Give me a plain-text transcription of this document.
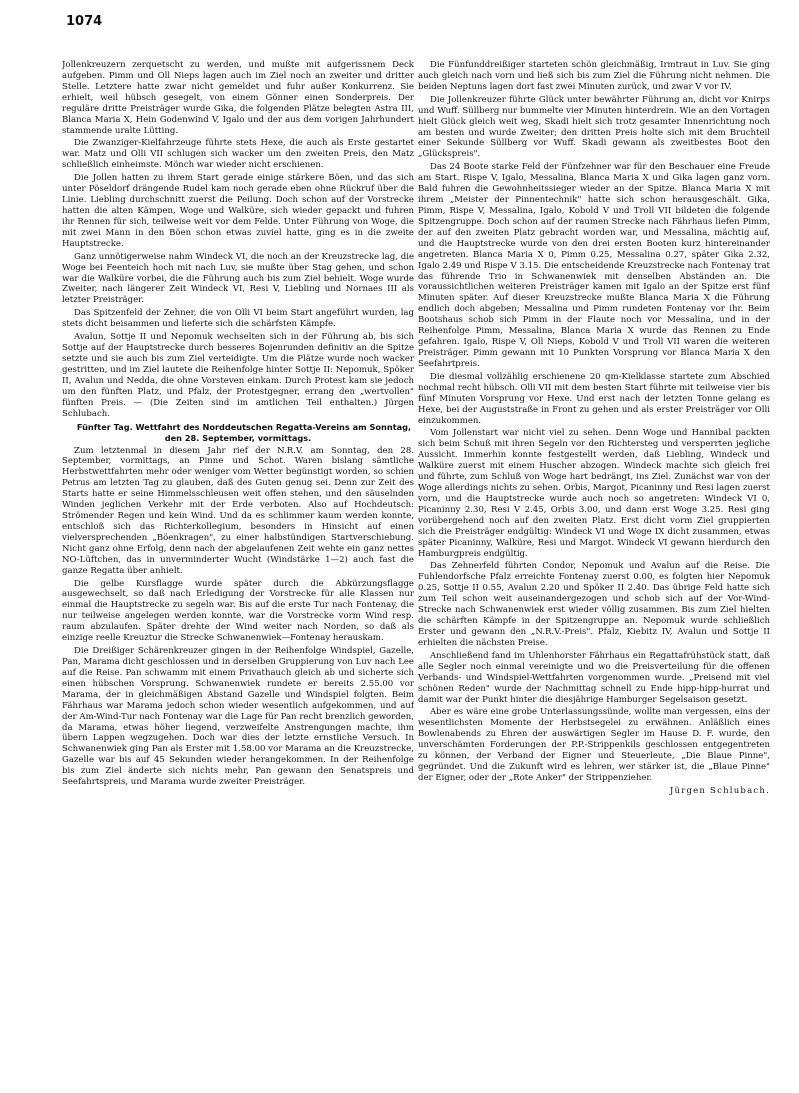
1074

Jollenkreuzern zerquetscht zu werden, und mußte mit aufgerissnem Deck aufgeben. Pimm und Oll Nieps lagen auch im Ziel noch an zweiter und dritter Stelle. Letztere hatte zwar nicht gemeldet und fuhr außer Konkurrenz. Sie erhielt, weil hübsch gesegelt, von einem Gönner einen Sonderpreis. Der reguläre dritte Preisträger wurde Gika, die folgenden Plätze belegten Astra III, Blanca Maria X, Hein Godenwind V, Igalo und der aus dem vorigen Jahrhundert stammende uralte Lütting.

Die Zwanziger-Kielfahrzeuge führte stets Hexe, die auch als Erste gestartet war. Matz und Olli VII schlugen sich wacker um den zweiten Preis, den Matz schließlich einheimste. Mönch war wieder nicht erschienen.

Die Jollen hatten zu ihrem Start gerade einige stärkere Böen, und das sich unter Pöseldorf drängende Rudel kam noch gerade eben ohne Rückruf über die Linie. Liebling durchschnitt zuerst die Peilung. Doch schon auf der Vorstrecke hatten die alten Kämpen, Woge und Walküre, sich wieder gepackt und fuhren ihr Rennen für sich, teilweise weit vor dem Felde. Unter Führung von Woge, die mit zwei Mann in den Böen schon etwas zuviel hatte, ging es in die zweite Hauptstrecke.

Ganz unnötigerweise nahm Windeck VI, die noch an der Kreuzstrecke lag, die Woge bei Feenteich hoch mit nach Luv, sie mußte über Stag gehen, und schon war die Walküre vorbei, die die Führung auch bis zum Ziel behielt. Woge wurde Zweiter, nach längerer Zeit Windeck VI, Resi V, Liebling und Nornaes III als letzter Preisträger.

Das Spitzenfeld der Zehner, die von Olli VI beim Start angeführt wurden, lag stets dicht beisammen und lieferte sich die schärfsten Kämpfe.

Avalun, Sottje II und Nepomuk wechselten sich in der Führung ab, bis sich Sottje auf der Hauptstrecke durch besseres Bojenrunden definitiv an die Spitze setzte und sie auch bis zum Ziel verteidigte. Um die Plätze wurde noch wacker gestritten, und im Ziel lautete die Reihenfolge hinter Sottje II: Nepomuk, Spöker II, Avalun und Nedda, die ohne Vorsteven einkam. Durch Protest kam sie jedoch um den fünften Platz, und Pfalz, der Protestgegner, errang den „wertvollen" fünften Preis. — (Die Zeiten sind im amtlichen Teil enthalten.) Jürgen Schlubach.

Fünfter Tag. Wettfahrt des Norddeutschen Regatta-Vereins am Sonntag, den 28. September, vormittags.

Zum letztenmal in diesem Jahr rief der N.R.V. am Sonntag, den 28. September, vormittags, an Pinne und Schot. Waren bislang sämtliche Herbstwettfahrten mehr oder weniger vom Wetter begünstigt worden, so schien Petrus am letzten Tag zu glauben, daß des Guten genug sei. Denn zur Zeit des Starts hatte er seine Himmelsschleusen weit offen stehen, und den säuselnden Winden jeglichen Verkehr mit der Erde verboten. Also auf Hochdeutsch: Strömender Regen und kein Wind. Und da es schlimmer kaum werden konnte, entschloß sich das Richterkollegium, besonders in Hinsicht auf einen vielversprechenden „Böenkragen", zu einer halbstündigen Startverschiebung. Nicht ganz ohne Erfolg, denn nach der abgelaufenen Zeit wehte ein ganz nettes NO-Lüftchen, das in unverminderter Wucht (Windstärke 1—2) auch fast die ganze Regatta über anhielt.

Die gelbe Kursflagge wurde später durch die Abkürzungsflagge ausgewechselt, so daß nach Erledigung der Vorstrecke für alle Klassen nur einmal die Hauptstrecke zu segeln war. Bis auf die erste Tur nach Fontenay, die nur teilweise angelegen werden konnte, war die Vorstrecke vorm Wind resp. raum abzulaufen. Später drehte der Wind weiter nach Norden, so daß als einzige reelle Kreuztur die Strecke Schwanenwiek—Fontenay herauskam.

Die Dreißiger Schärenkreuzer gingen in der Reihenfolge Windspiel, Gazelle, Pan, Marama dicht geschlossen und in derselben Gruppierung von Luv nach Lee auf die Reise. Pan schwamm mit einem Privathauch gleich ab und sicherte sich einen hübschen Vorsprung. Schwanenwiek rundete er bereits 2.55.00 vor Marama, der in gleichmäßigen Abstand Gazelle und Windspiel folgten. Beim Fährhaus war Marama jedoch schon wieder wesentlich aufgekommen, und auf der Am-Wind-Tur nach Fontenay war die Lage für Pan recht brenzlich geworden, da Marama, etwas höher liegend, verzweifelte Anstrengungen machte, ihm übern Lappen wegzugehen. Doch war dies der letzte ernstliche Versuch. In Schwanenwiek ging Pan als Erster mit 1.58.00 vor Marama an die Kreuzstrecke, Gazelle war bis auf 45 Sekunden wieder herangekommen. In der Reihenfolge bis zum Ziel änderte sich nichts mehr, Pan gewann den Senatspreis und Seefahrtspreis, und Marama wurde zweiter Preisträger.

Die Fünfunddreißiger starteten schön gleichmäßig, Irmtraut in Luv. Sie ging auch gleich nach vorn und ließ sich bis zum Ziel die Führung nicht nehmen. Die beiden Neptuns lagen dort fast zwei Minuten zurück, und zwar V vor IV.

Die Jollenkreuzer führte Glück unter bewährter Führung an, dicht vor Knirps und Wuff. Süllberg nur bummelte vier Minuten hinterdrein. Wie an den Vortagen hielt Glück gleich weit weg, Skadi hielt sich trotz gesamter Innenrichtung noch am besten und wurde Zweiter; den dritten Preis holte sich mit dem Bruchteil einer Sekunde Süllberg vor Wuff. Skadi gewann als zweitbestes Boot den „Glückspreis".

Das 24 Boote starke Feld der Fünfzehner war für den Beschauer eine Freude am Start. Rispe V, Igalo, Messalina, Blanca Maria X und Gika lagen ganz vorn. Bald fuhren die Gewohnheitssieger wieder an der Spitze. Blanca Maria X mit ihrem „Meister der Pinnentechnik" hatte sich schon herausgeschält. Gika, Pimm, Rispe V, Messalina, Igalo, Kobold V und Troll VII bildeten die folgende Spitzengruppe. Doch schon auf der raumen Strecke nach Fährhaus liefen Pimm, der auf den zweiten Platz gebracht worden war, und Messalina, mächtig auf, und die Hauptstrecke wurde von den drei ersten Booten kurz hintereinander angetreten. Blanca Maria X 0, Pimm 0.25, Messalina 0.27, später Gika 2.32, Igalo 2.49 und Rispe V 3.15. Die entscheidende Kreuzstrecke nach Fontenay trat das führende Trio in Schwanenwiek mit denselben Abständen an. Die voraussichtlichen weiteren Preisträger kamen mit Igalo an der Spitze erst fünf Minuten später. Auf dieser Kreuzstrecke mußte Blanca Maria X die Führung endlich doch abgeben; Messalina und Pimm rundeten Fontenay vor ihr. Beim Bootshaus schob sich Pimm in der Flaute noch vor Messalina, und in der Reihenfolge Pimm, Messalina, Blanca Maria X wurde das Rennen zu Ende gefahren. Igalo, Rispe V, Oll Nieps, Kobold V und Troll VII waren die weiteren Preisträger. Pimm gewann mit 10 Punkten Vorsprung vor Blanca Maria X den Seefahrtpreis.

Die diesmal vollzählig erschienene 20 qm-Kielklasse startete zum Abschied nochmal recht hübsch. Olli VII mit dem besten Start führte mit teilweise vier bis fünf Minuten Vorsprung vor Hexe. Und erst nach der letzten Tonne gelang es Hexe, bei der Auguststraße in Front zu gehen und als erster Preisträger vor Olli einzukommen.

Vom Jollenstart war nicht viel zu sehen. Denn Woge und Hannibal packten sich beim Schuß mit ihren Segeln vor den Richtersteg und versperrten jegliche Aussicht. Immerhin konnte festgestellt werden, daß Liebling, Windeck und Walküre zuerst mit einem Huscher abzogen. Windeck machte sich gleich frei und führte, zum Schluß von Woge hart bedrängt, ins Ziel. Zunächst war von der Woge allerdings nichts zu sehen. Orbis, Margot, Picaninny und Resi lagen zuerst vorn, und die Hauptstrecke wurde auch noch so angetreten: Windeck VI 0, Picaninny 2.30, Resi V 2.45, Orbis 3.00, und dann erst Woge 3.25. Resi ging vorübergehend noch auf den zweiten Platz. Erst dicht vorm Ziel gruppierten sich die Preisträger endgültig: Windeck VI und Woge IX dicht zusammen, etwas später Picaninny, Walküre, Resi und Margot. Windeck VI gewann hierdurch den Hamburgpreis endgültig.

Das Zehnerfeld führten Condor, Nepomuk und Avalun auf die Reise. Die Fuhlendorfsche Pfalz erreichte Fontenay zuerst 0.00, es folgten hier Nepomuk 0.25, Sottje II 0.55, Avalun 2.20 und Spöker II 2.40. Das übrige Feld hatte sich zum Teil schon weit auseinandergezogen und schob sich auf der Vor-Wind-Strecke nach Schwanenwiek erst wieder völlig zusammen. Bis zum Ziel hielten die schärften Kämpfe in der Spitzengruppe an. Nepomuk wurde schließlich Erster und gewann den „N.R.V.-Preis". Pfalz, Kiebitz IV, Avalun und Sottje II erhielten die nächsten Preise.

Anschließend fand im Uhlenhorster Fährhaus ein Regattafrühstück statt, daß alle Segler noch einmal vereinigte und wo die Preisverteilung für die offenen Verbands- und Windspiel-Wettfahrten vorgenommen wurde. „Preisend mit viel schönen Reden" wurde der Nachmittag schnell zu Ende hipp-hipp-hurrat und damit war der Punkt hinter die diesjährige Hamburger Segelsaison gesetzt.

Aber es wäre eine grobe Unterlassungssünde, wollte man vergessen, eins der wesentlichsten Momente der Herbstsegelei zu erwähnen. Anläßlich eines Bowlenabends zu Ehren der auswärtigen Segler im Hause D. F. wurde, den unverschämten Forderungen der P.P.-Strippenkils geschlossen entgegentreten zu können, der Verband der Eigner und Steuerleute, „Die Blaue Pinne", gegründet. Und die Zukunft wird es lehren, wer stärker ist, die „Blaue Pinne" der Eigner, oder der „Rote Anker" der Strippenzieher.

Jürgen Schlubach.
